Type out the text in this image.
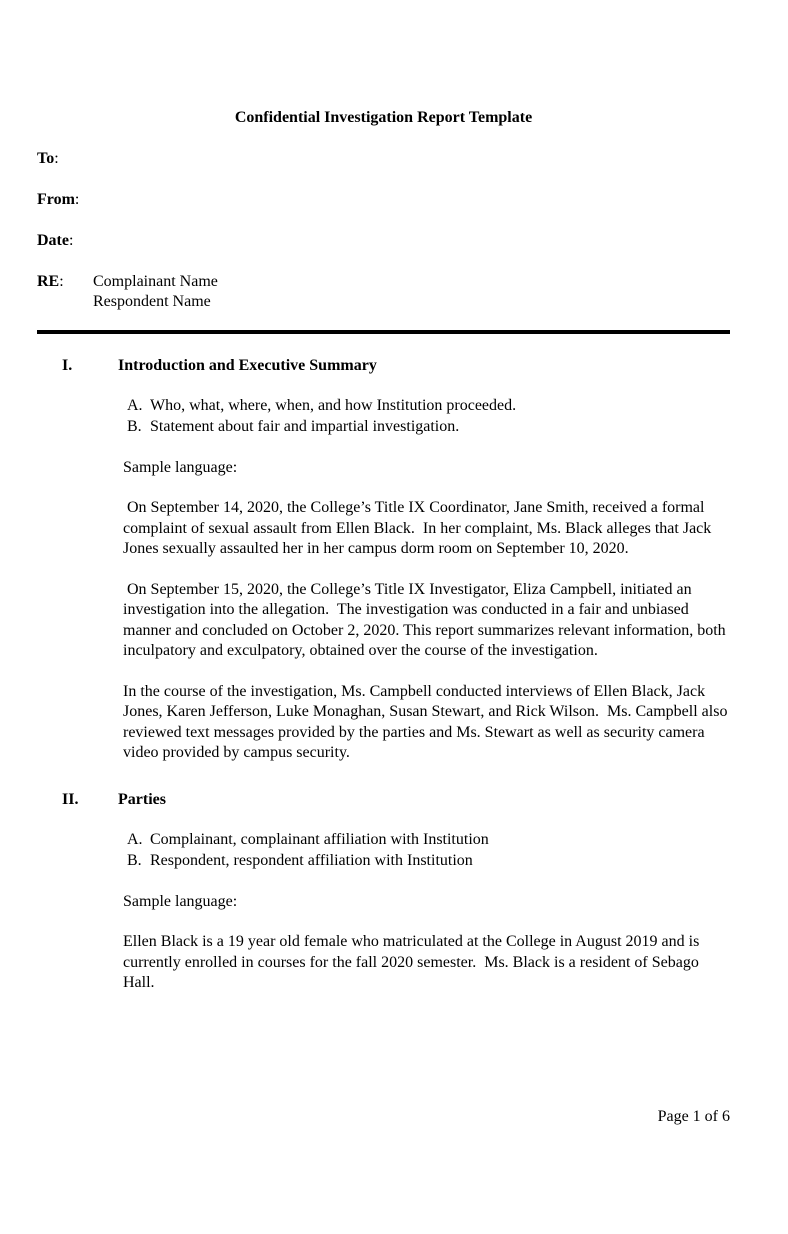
Confidential Investigation Report Template
To :
From :
Date :
RE:	Complainant Name
Respondent Name
I.	Introduction and Executive Summary
A. Who, what, where, when, and how Institution proceeded.
B. Statement about fair and impartial investigation.
Sample language:
On September 14, 2020, the College’s Title IX Coordinator, Jane Smith, received a formal complaint of sexual assault from Ellen Black.  In her complaint, Ms. Black alleges that Jack Jones sexually assaulted her in her campus dorm room on September 10, 2020.
On September 15, 2020, the College’s Title IX Investigator, Eliza Campbell, initiated an investigation into the allegation.  The investigation was conducted in a fair and unbiased manner and concluded on October 2, 2020. This report summarizes relevant information, both inculpatory and exculpatory, obtained over the course of the investigation.
In the course of the investigation, Ms. Campbell conducted interviews of Ellen Black, Jack Jones, Karen Jefferson, Luke Monaghan, Susan Stewart, and Rick Wilson.  Ms. Campbell also reviewed text messages provided by the parties and Ms. Stewart as well as security camera video provided by campus security.
II.	Parties
A. Complainant, complainant affiliation with Institution
B. Respondent, respondent affiliation with Institution
Sample language:
Ellen Black is a 19 year old female who matriculated at the College in August 2019 and is currently enrolled in courses for the fall 2020 semester.  Ms. Black is a resident of Sebago Hall.
Page 1 of 6
